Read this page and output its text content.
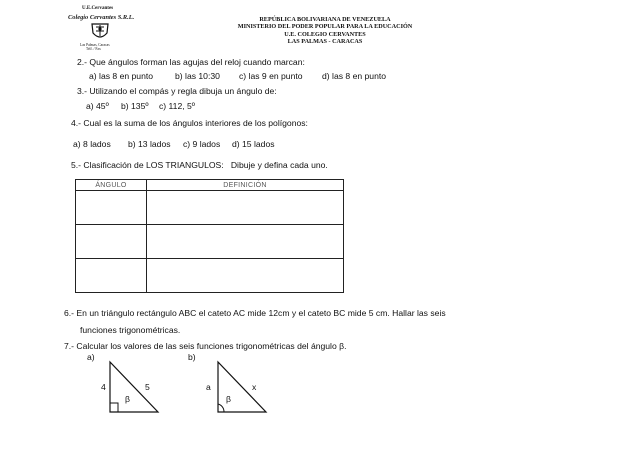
U.E.Cervantes
Colegio Cervantes S.R.L.
Las Palmas, Caracas
Telf. / Fax
REPÚBLICA BOLIVARIANA DE VENEZUELA
MINISTERIO DEL PODER POPULAR PARA LA EDUCACIÓN
U.E. COLEGIO CERVANTES
LAS PALMAS - CARACAS
2.- Que ángulos forman las agujas del reloj cuando marcan:
a) las 8 en punto	b) las 10:30 c) las 9 en punto d) las 8 en punto
3.- Utilizando el compás y regla dibuja un ángulo de:
a) 45º b) 135º c) 112, 5º
4.- Cual es la suma de los ángulos interiores de los polígonos:
a) 8 lados b) 13 lados c) 9 lados d) 15 lados
5.- Clasificación de LOS TRIANGULOS:   Dibuje y defina cada uno.
ÁNGULO	DEFINICIÓN

6.- En un triángulo rectángulo ABC el cateto AC mide 12cm y el cateto BC mide 5 cm. Hallar las seis
funciones trigonométricas.
7.- Calcular los valores de las seis funciones trigonométricas del ángulo β.
a)	b)
4	5
β
a	x
β
